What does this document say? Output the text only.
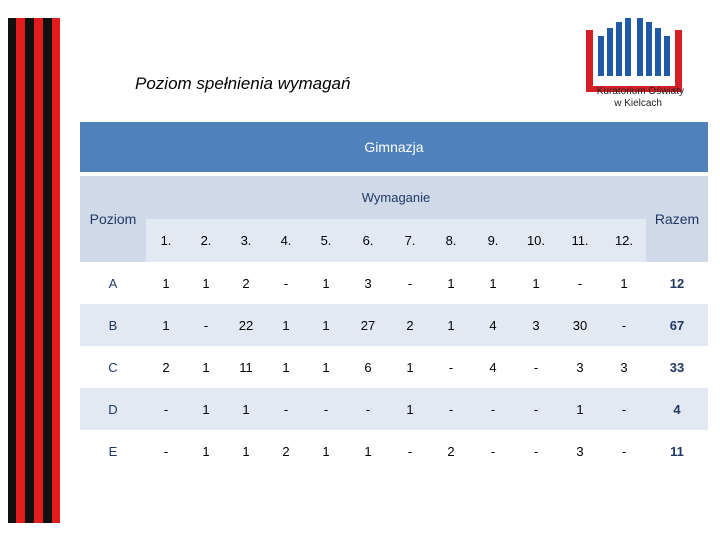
Poziom spełnienia wymagań	Kuratorium Oświaty
w Kielcach
Gimnazja
Poziom	Wymaganie												Razem
	1.	2.	3.	4.	5.	6.	7.	8.	9.	10.	11.	12.	
A	1	1	2	-	1	3	-	1	1	1	-	1	12
B	1	-	22	1	1	27	2	1	4	3	30	-	67
C	2	1	11	1	1	6	1	-	4	-	3	3	33
D	-	1	1	-	-	-	1	-	-	-	1	-	4
E	-	1	1	2	1	1	-	2	-	-	3	-	11
